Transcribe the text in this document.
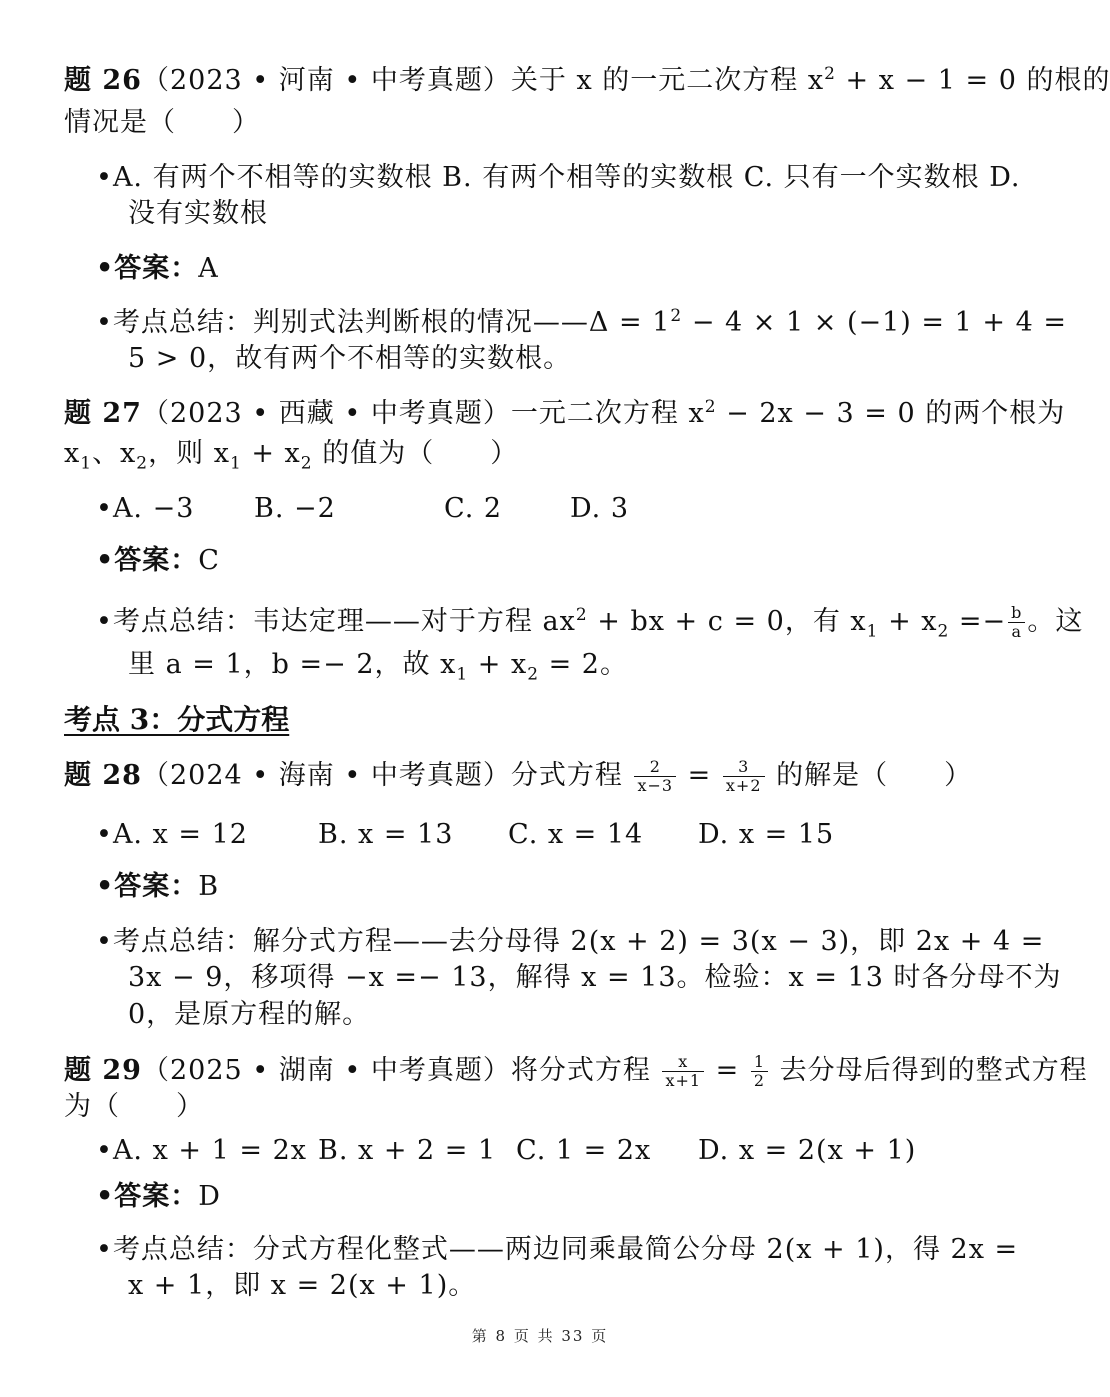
题 26（2023 • 河南 • 中考真题）关于 x 的一元二次方程 $x^2 + x - 1 = 0$ 的根的

情况是（　　）

•A. 有两个不相等的实数根 B. 有两个相等的实数根 C. 只有一个实数根 D.

没有实数根

•答案：A

•考点总结：判别式法判断根的情况——Δ = $1^2 - 4 \times 1 \times (-1) = 1 + 4$ =

5 > 0，故有两个不相等的实数根。

题 27（2023 • 西藏 • 中考真题）一元二次方程 $x^2 - 2x - 3 = 0$ 的两个根为

$x_1$、$x_2$，则 $x_1 + x_2$ 的值为（　　）

•A. −3 B. −2	C. 2	D. 3

•答案：C

•考点总结：韦达定理——对于方程 $ax^2$ + bx + c = 0，有 $x_1 + x_2 =- \frac{b}{a}$ 。这

里 a = 1，b =− 2，故 $x_1 + x_2 = 2$。

考点 3：分式方程

题 28（2024 • 海南 • 中考真题）分式方程 $\frac{2}{x-3} = \frac{3}{x+2}$ 的解是（　　）

•A. x = 12	B. x = 13 C. x = 14 D. x = 15

•答案：B

•考点总结：解分式方程——去分母得 2(x + 2) = 3(x − 3)，即 2x + 4 =

3x − 9，移项得 −x =− 13，解得 x = 13。检验：x = 13 时各分母不为

0，是原方程的解。

题 29（2025 • 湖南 • 中考真题）将分式方程 $\frac{x}{x+1} = \frac{1}{2}$ 去分母后得到的整式方程

为（　　）

•A. x + 1 = 2x B. x + 2 = 1 C. 1 = 2x D. x = 2(x + 1)

•答案：D

•考点总结：分式方程化整式——两边同乘最简公分母 2(x + 1)，得 2x =

x + 1，即 x = 2(x + 1)。

第 8 页 共 33 页
